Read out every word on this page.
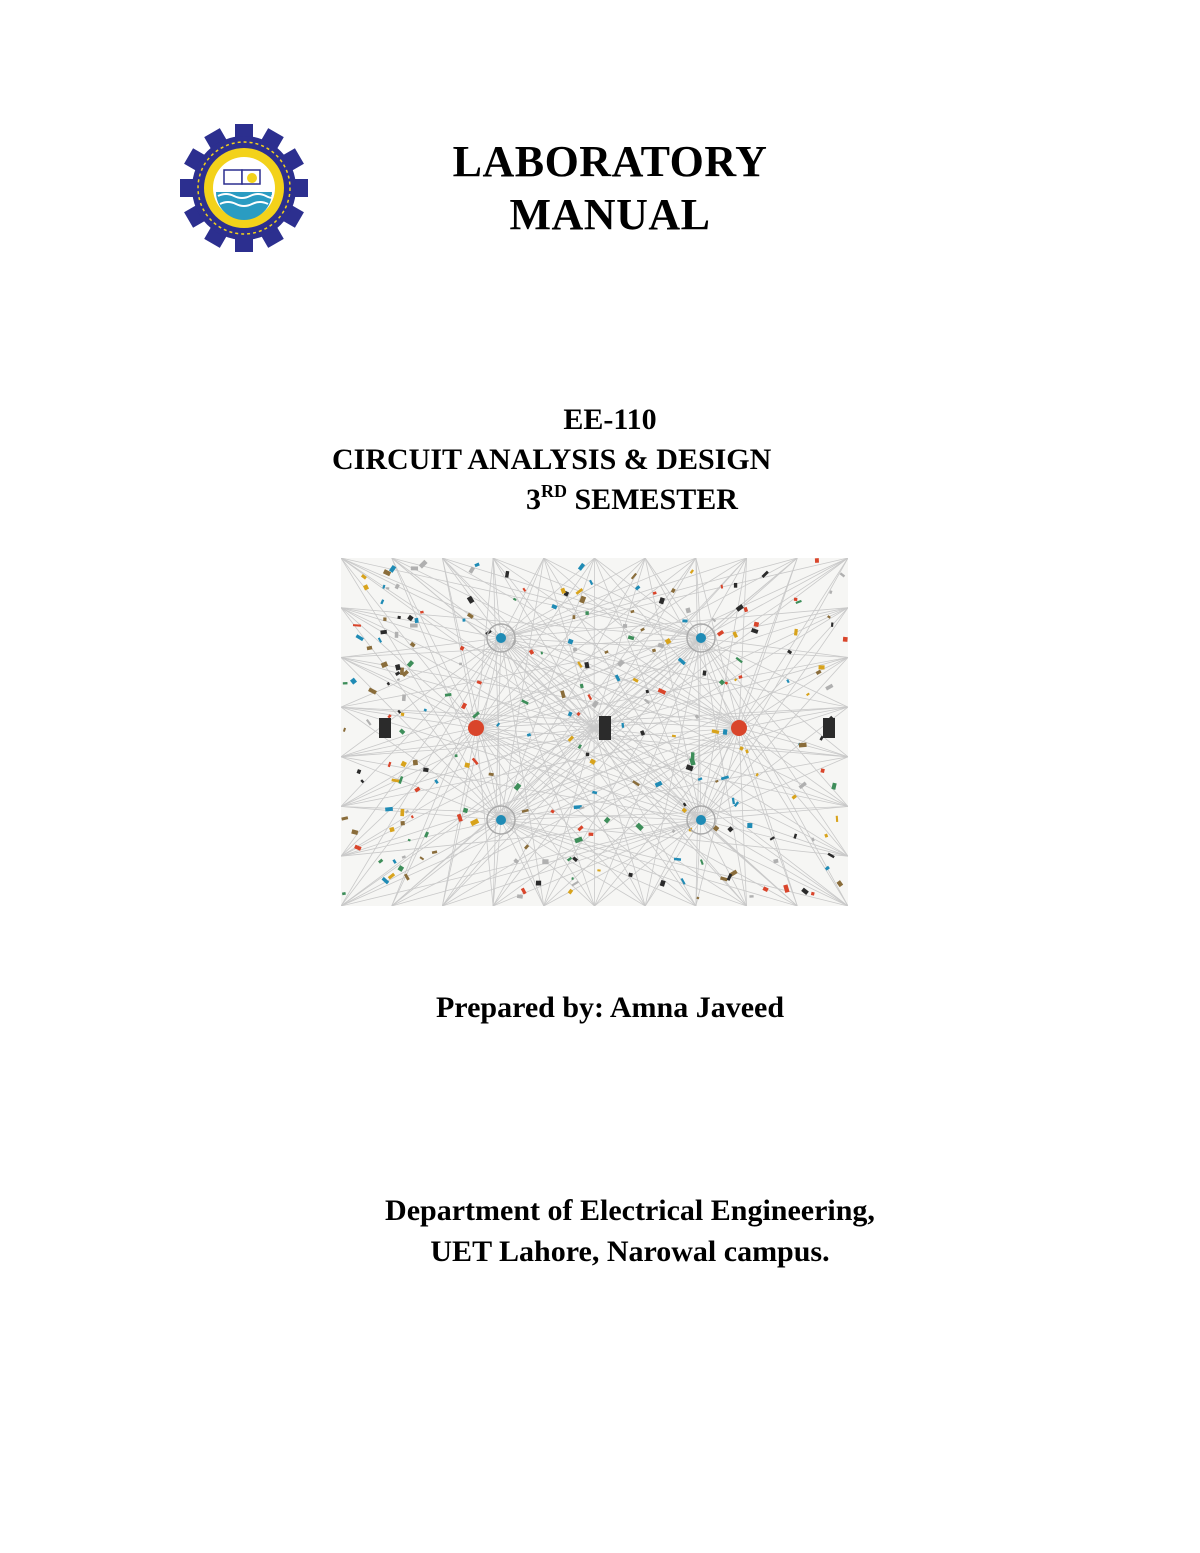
LABORATORY
MANUAL
EE-110
CIRCUIT ANALYSIS & DESIGN
3RD SEMESTER
Prepared by: Amna Javeed
Department of Electrical Engineering,
UET Lahore, Narowal campus.
